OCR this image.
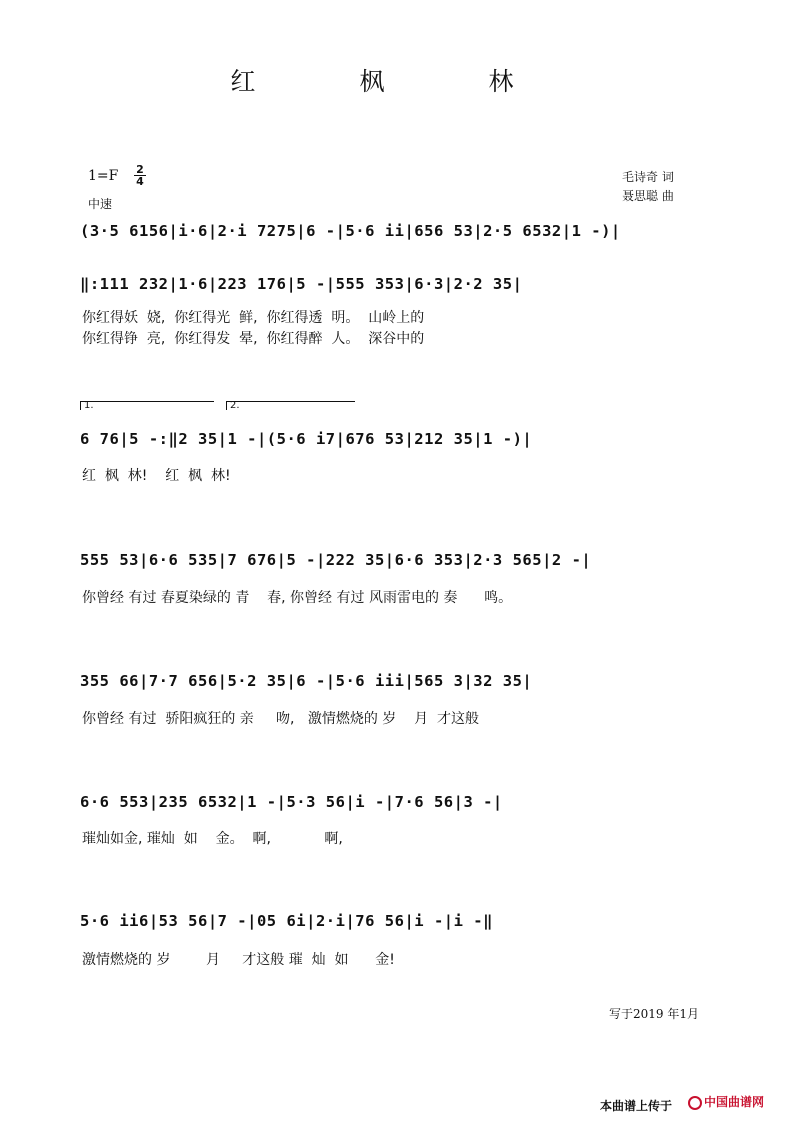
红 枫 林
1=F 2
4
中速
毛诗奇 词
聂思聪 曲
(3·5 6156|i·6|2·i 7275|6 -|5·6 ii|656 53|2·5 6532|1 -)|
‖:111 232|1·6|223 176|5 -|555 353|6·3|2·2 35|
你红得妖  娆,  你红得光  鲜,  你红得透  明。  山岭上的
你红得铮  亮,  你红得发  晕,  你红得醉  人。  深谷中的
1.	2.
6 76|5 -:‖2 35|1 -|(5·6 i7|676 53|212 35|1 -)|
红  枫  林!    红  枫  林!
555 53|6·6 535|7 676|5 -|222 35|6·6 353|2·3 565|2 -|
你曾经 有过 春夏染绿的 青    春, 你曾经 有过 风雨雷电的 奏      鸣。
355 66|7·7 656|5·2 35|6 -|5·6 iii|565 3|32 35|
你曾经 有过  骄阳疯狂的 亲     吻,   激情燃烧的 岁    月  才这般
6·6 553|235 6532|1 -|5·3 56|i -|7·6 56|3 -|
璀灿如金, 璀灿  如    金。  啊,            啊,
5·6 ii6|53 56|7 -|05 6i|2·i|76 56|i -|i -‖
激情燃烧的 岁        月     才这般 璀  灿  如      金!
写于2019 年1月
本曲谱上传于	中国曲谱网
